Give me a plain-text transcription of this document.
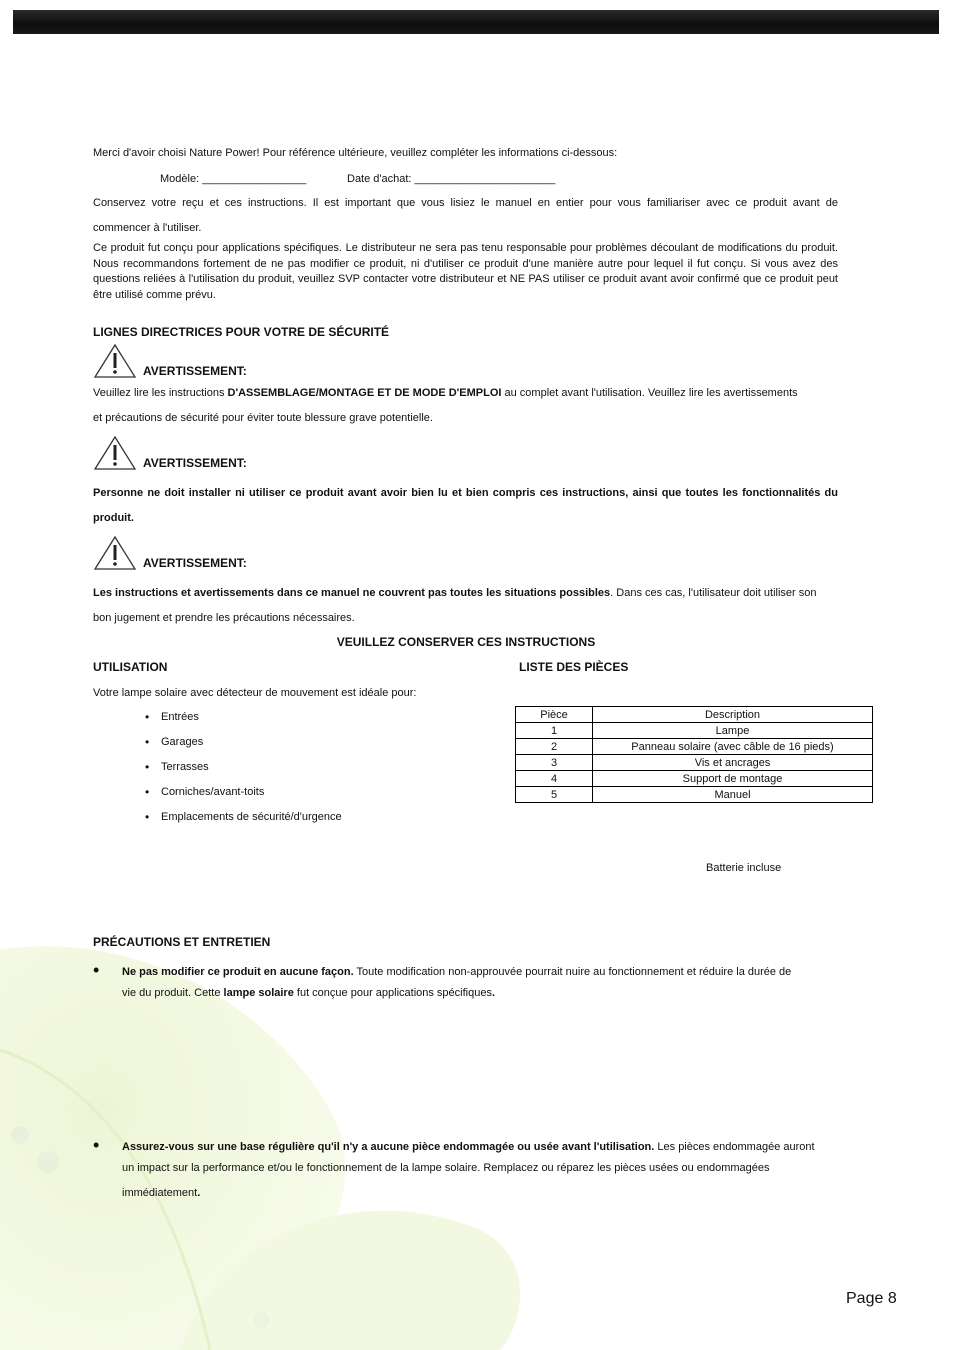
Merci d'avoir choisi Nature Power! Pour référence ultérieure, veuillez compléter les informations ci-dessous:
Modèle: _________________	Date d'achat: _______________________
Conservez votre reçu et ces instructions. Il est important que vous lisiez le manuel en entier pour vous familiariser avec ce produit avant de
commencer à l'utiliser.
Ce produit fut conçu pour applications spécifiques. Le distributeur ne sera pas tenu responsable pour problèmes découlant de modifications du produit. Nous recommandons fortement de ne pas modifier ce produit, ni d'utiliser ce produit d'une manière autre pour lequel il fut conçu. Si vous avez des questions reliées à l'utilisation du produit, veuillez SVP contacter votre distributeur et NE PAS utiliser ce produit avant avoir confirmé que ce produit peut être utilisé comme prévu.
LIGNES DIRECTRICES POUR VOTRE DE SÉCURITÉ
AVERTISSEMENT:
Veuillez lire les instructions D'ASSEMBLAGE/MONTAGE ET DE MODE D'EMPLOI au complet avant l'utilisation. Veuillez lire les avertissements
et précautions de sécurité pour éviter toute blessure grave potentielle.
AVERTISSEMENT:
Personne ne doit installer ni utiliser ce produit avant avoir bien lu et bien compris ces instructions, ainsi que toutes les fonctionnalités du
produit.
AVERTISSEMENT:
Les instructions et avertissements dans ce manuel ne couvrent pas toutes les situations possibles. Dans ces cas, l'utilisateur doit utiliser son
bon jugement et prendre les précautions nécessaires.
VEUILLEZ CONSERVER CES INSTRUCTIONS
UTILISATION
Votre lampe solaire avec détecteur de mouvement est idéale pour:
• Entrées
• Garages
• Terrasses
• Corniches/avant-toits
• Emplacements de sécurité/d'urgence
LISTE DES PIÈCES
Pièce	Description
1	Lampe
2	Panneau solaire (avec câble de 16 pieds)
3	Vis et ancrages
4	Support de montage
5	Manuel
Batterie incluse
PRÉCAUTIONS ET ENTRETIEN
• Ne pas modifier ce produit en aucune façon. Toute modification non-approuvée pourrait nuire au fonctionnement et réduire la durée de
vie du produit. Cette lampe solaire fut conçue pour applications spécifiques.
• Assurez-vous sur une base régulière qu'il n'y a aucune pièce endommagée ou usée avant l'utilisation. Les pièces endommagée auront
un impact sur la performance et/ou le fonctionnement de la lampe solaire. Remplacez ou réparez les pièces usées ou endommagées
immédiatement.
Page 8
